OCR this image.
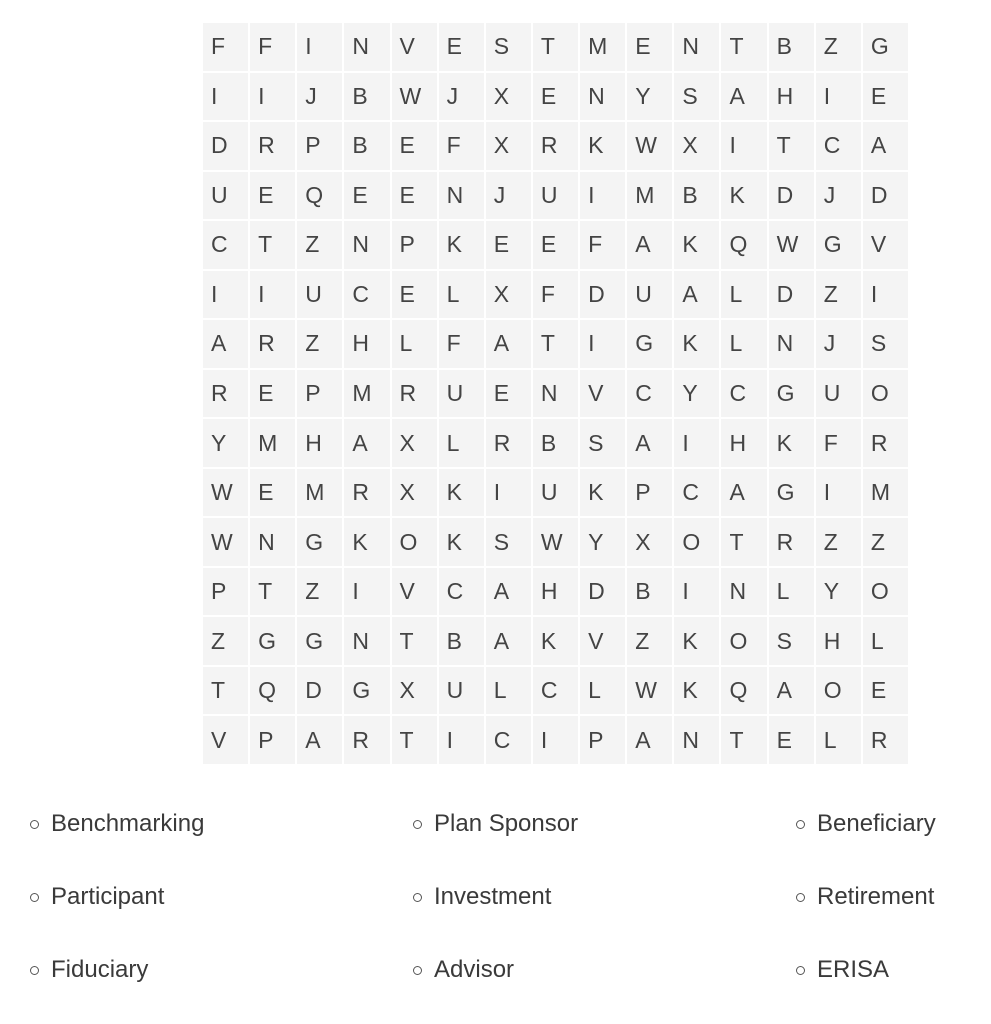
F	F	I	N	V	E	S	T	M	E	N	T	B	Z	G
I	I	J	B	W	J	X	E	N	Y	S	A	H	I	E
D	R	P	B	E	F	X	R	K	W	X	I	T	C	A
U	E	Q	E	E	N	J	U	I	M	B	K	D	J	D
C	T	Z	N	P	K	E	E	F	A	K	Q	W	G	V
I	I	U	C	E	L	X	F	D	U	A	L	D	Z	I
A	R	Z	H	L	F	A	T	I	G	K	L	N	J	S
R	E	P	M	R	U	E	N	V	C	Y	C	G	U	O
Y	M	H	A	X	L	R	B	S	A	I	H	K	F	R
W	E	M	R	X	K	I	U	K	P	C	A	G	I	M
W	N	G	K	O	K	S	W	Y	X	O	T	R	Z	Z
P	T	Z	I	V	C	A	H	D	B	I	N	L	Y	O
Z	G	G	N	T	B	A	K	V	Z	K	O	S	H	L
T	Q	D	G	X	U	L	C	L	W	K	Q	A	O	E
V	P	A	R	T	I	C	I	P	A	N	T	E	L	R
Benchmarking	Plan Sponsor	Beneficiary
Participant	Investment	Retirement
Fiduciary	Advisor	ERISA
